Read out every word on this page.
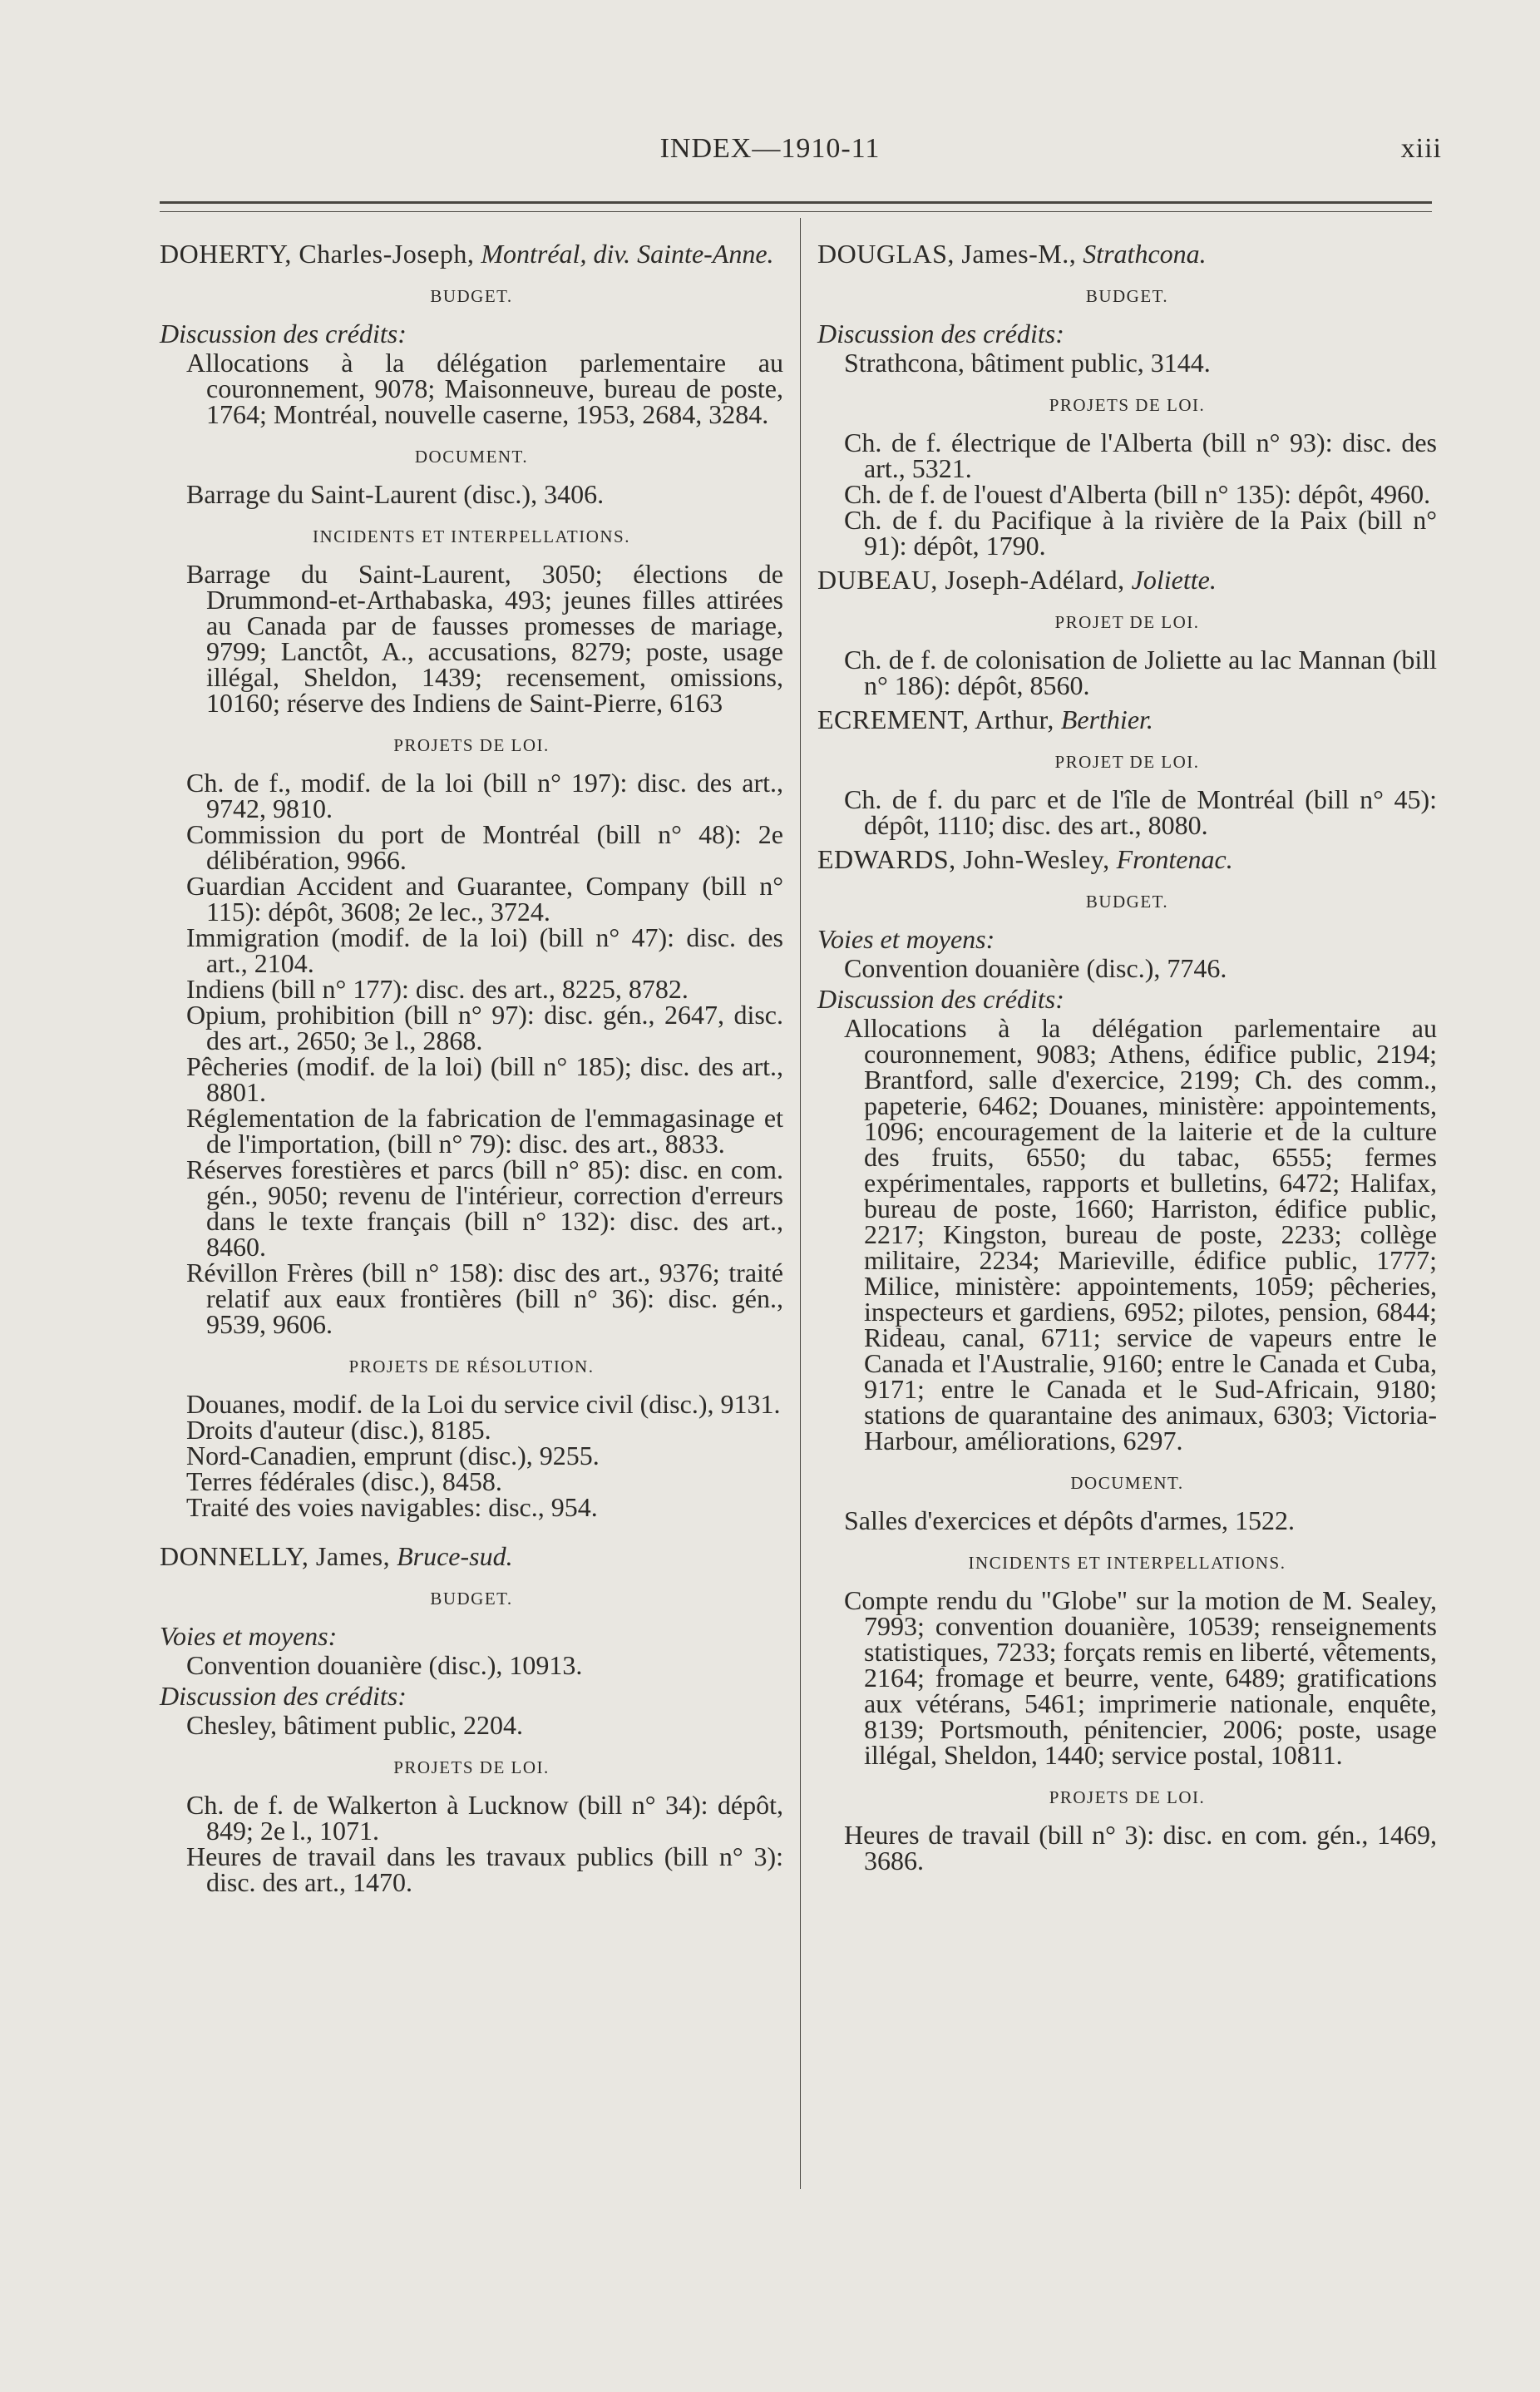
INDEX—1910-11	xiii

DOHERTY, Charles-Joseph, Montréal, div. Sainte-Anne.

BUDGET.
Discussion des crédits:

Allocations à la délégation parlementaire au couronnement, 9078; Maisonneuve, bureau de poste, 1764; Montréal, nouvelle caserne, 1953, 2684, 3284.

DOCUMENT.

Barrage du Saint-Laurent (disc.), 3406.

INCIDENTS ET INTERPELLATIONS.

Barrage du Saint-Laurent, 3050; élections de Drummond-et-Arthabaska, 493; jeunes filles attirées au Canada par de fausses promesses de mariage, 9799; Lanctôt, A., accusations, 8279; poste, usage illégal, Sheldon, 1439; recensement, omissions, 10160; réserve des Indiens de Saint-Pierre, 6163

PROJETS DE LOI.

Ch. de f., modif. de la loi (bill n° 197): disc. des art., 9742, 9810.

Commission du port de Montréal (bill n° 48): 2e délibération, 9966.

Guardian Accident and Guarantee, Company (bill n° 115): dépôt, 3608; 2e lec., 3724.

Immigration (modif. de la loi) (bill n° 47): disc. des art., 2104.

Indiens (bill n° 177): disc. des art., 8225, 8782.

Opium, prohibition (bill n° 97): disc. gén., 2647, disc. des art., 2650; 3e l., 2868.

Pêcheries (modif. de la loi) (bill n° 185); disc. des art., 8801.

Réglementation de la fabrication de l'emmagasinage et de l'importation, (bill n° 79): disc. des art., 8833.

Réserves forestières et parcs (bill n° 85): disc. en com. gén., 9050; revenu de l'intérieur, correction d'erreurs dans le texte français (bill n° 132): disc. des art., 8460.

Révillon Frères (bill n° 158): disc des art., 9376; traité relatif aux eaux frontières (bill n° 36): disc. gén., 9539, 9606.

PROJETS DE RÉSOLUTION.

Douanes, modif. de la Loi du service civil (disc.), 9131.

Droits d'auteur (disc.), 8185.

Nord-Canadien, emprunt (disc.), 9255.

Terres fédérales (disc.), 8458.

Traité des voies navigables: disc., 954.

DONNELLY, James, Bruce-sud.

BUDGET.
Voies et moyens:

Convention douanière (disc.), 10913.

Discussion des crédits:

Chesley, bâtiment public, 2204.

PROJETS DE LOI.

Ch. de f. de Walkerton à Lucknow (bill n° 34): dépôt, 849; 2e l., 1071.

Heures de travail dans les travaux publics (bill n° 3): disc. des art., 1470.

DOUGLAS, James-M., Strathcona.

BUDGET.
Discussion des crédits:

Strathcona, bâtiment public, 3144.

PROJETS DE LOI.

Ch. de f. électrique de l'Alberta (bill n° 93): disc. des art., 5321.

Ch. de f. de l'ouest d'Alberta (bill n° 135): dépôt, 4960.

Ch. de f. du Pacifique à la rivière de la Paix (bill n° 91): dépôt, 1790.

DUBEAU, Joseph-Adélard, Joliette.

PROJET DE LOI.

Ch. de f. de colonisation de Joliette au lac Mannan (bill n° 186): dépôt, 8560.

ECREMENT, Arthur, Berthier.

PROJET DE LOI.

Ch. de f. du parc et de l'île de Montréal (bill n° 45): dépôt, 1110; disc. des art., 8080.

EDWARDS, John-Wesley, Frontenac.

BUDGET.
Voies et moyens:

Convention douanière (disc.), 7746.

Discussion des crédits:

Allocations à la délégation parlementaire au couronnement, 9083; Athens, édifice public, 2194; Brantford, salle d'exercice, 2199; Ch. des comm., papeterie, 6462; Douanes, ministère: appointements, 1096; encouragement de la laiterie et de la culture des fruits, 6550; du tabac, 6555; fermes expérimentales, rapports et bulletins, 6472; Halifax, bureau de poste, 1660; Harriston, édifice public, 2217; Kingston, bureau de poste, 2233; collège militaire, 2234; Marieville, édifice public, 1777; Milice, ministère: appointements, 1059; pêcheries, inspecteurs et gardiens, 6952; pilotes, pension, 6844; Rideau, canal, 6711; service de vapeurs entre le Canada et l'Australie, 9160; entre le Canada et Cuba, 9171; entre le Canada et le Sud-Africain, 9180; stations de quarantaine des animaux, 6303; Victoria-Harbour, améliorations, 6297.

DOCUMENT.

Salles d'exercices et dépôts d'armes, 1522.

INCIDENTS ET INTERPELLATIONS.

Compte rendu du "Globe" sur la motion de M. Sealey, 7993; convention douanière, 10539; renseignements statistiques, 7233; forçats remis en liberté, vêtements, 2164; fromage et beurre, vente, 6489; gratifications aux vétérans, 5461; imprimerie nationale, enquête, 8139; Portsmouth, pénitencier, 2006; poste, usage illégal, Sheldon, 1440; service postal, 10811.

PROJETS DE LOI.

Heures de travail (bill n° 3): disc. en com. gén., 1469, 3686.
